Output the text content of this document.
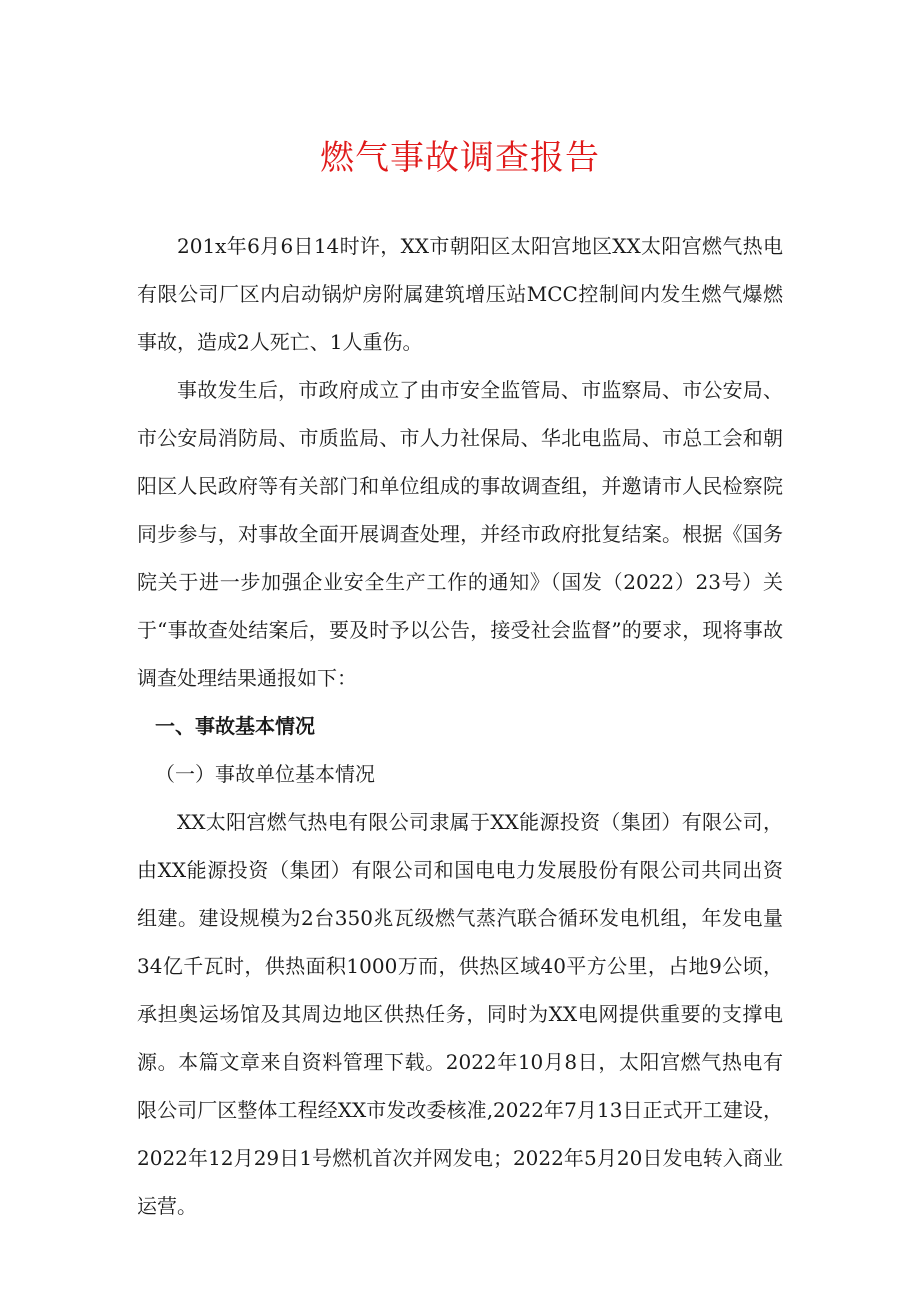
燃气事故调查报告

201x年6月6日14时许，XX市朝阳区太阳宫地区XX太阳宫燃气热电有限公司厂区内启动锅炉房附属建筑增压站MCC控制间内发生燃气爆燃事故，造成2人死亡、1人重伤。

事故发生后，市政府成立了由市安全监管局、市监察局、市公安局、市公安局消防局、市质监局、市人力社保局、华北电监局、市总工会和朝阳区人民政府等有关部门和单位组成的事故调查组，并邀请市人民检察院同步参与，对事故全面开展调查处理，并经市政府批复结案。根据《国务院关于进一步加强企业安全生产工作的通知》（国发（2022）23号）关于“事故查处结案后，要及时予以公告，接受社会监督”的要求，现将事故调查处理结果通报如下：

一、事故基本情况

（一）事故单位基本情况

XX太阳宫燃气热电有限公司隶属于XX能源投资（集团）有限公司，由XX能源投资（集团）有限公司和国电电力发展股份有限公司共同出资组建。建设规模为2台350兆瓦级燃气蒸汽联合循环发电机组，年发电量34亿千瓦时，供热面积1000万而，供热区域40平方公里，占地9公顷，承担奥运场馆及其周边地区供热任务，同时为XX电网提供重要的支撑电源。本篇文章来自资料管理下载。2022年10月8日，太阳宫燃气热电有限公司厂区整体工程经XX市发改委核准,2022年7月13日正式开工建设，2022年12月29日1号燃机首次并网发电；2022年5月20日发电转入商业运营。
